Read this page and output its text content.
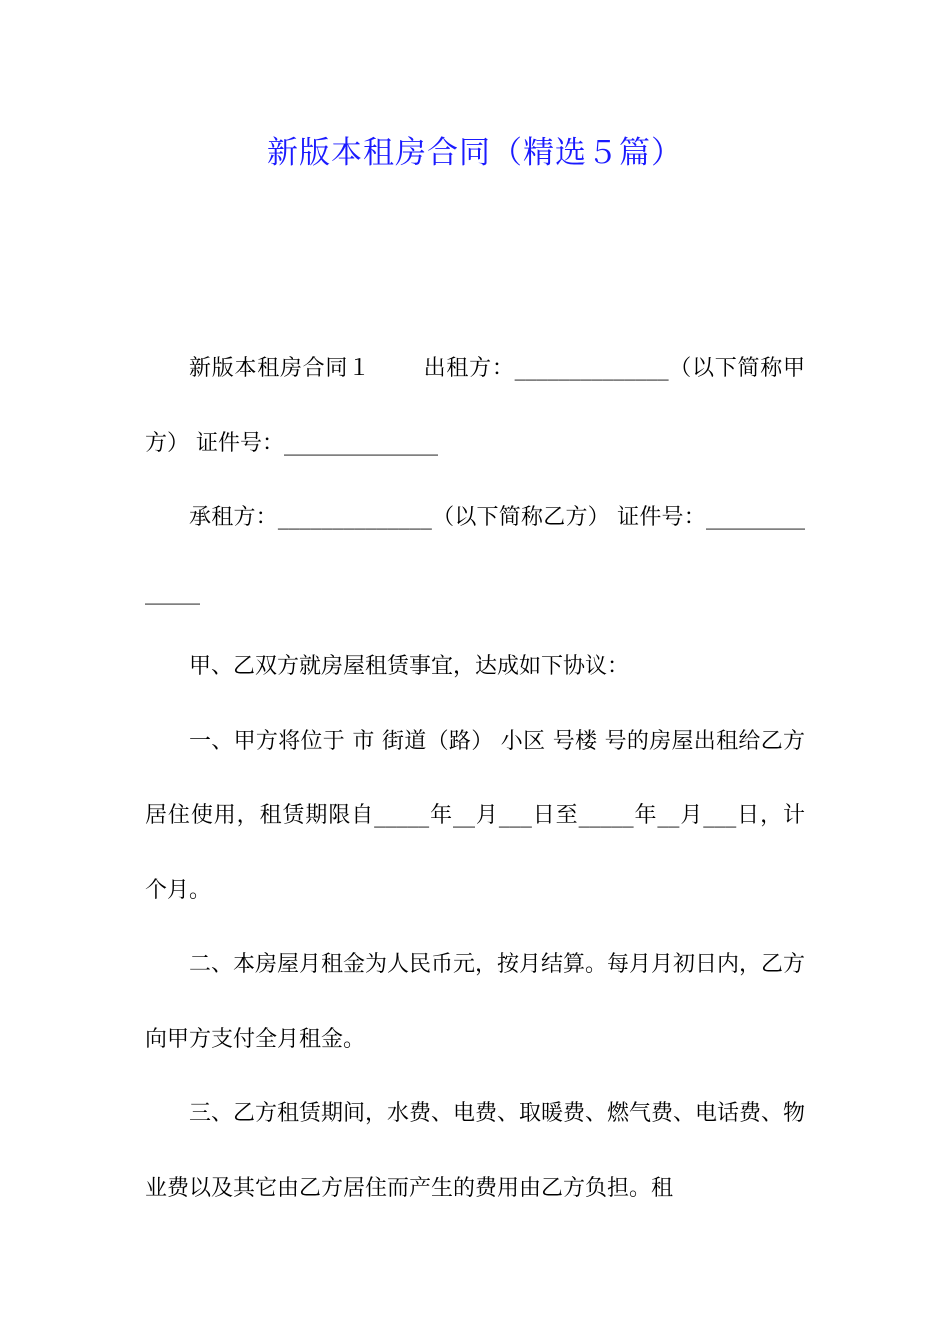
新版本租房合同（精选５篇）

新版本租房合同１ 出租方：______________（以下简称甲方） 证件号：______________

承租方：______________（以下简称乙方） 证件号：______________

甲、乙双方就房屋租赁事宜，达成如下协议：

一、甲方将位于 市 街道（路） 小区 号楼 号的房屋出租给乙方居住使用，租赁期限自_____年__月___日至_____年__月___日，计 个月。

二、本房屋月租金为人民币元，按月结算。每月月初日内，乙方向甲方支付全月租金。

三、乙方租赁期间，水费、电费、取暖费、燃气费、电话费、物业费以及其它由乙方居住而产生的费用由乙方负担。租
